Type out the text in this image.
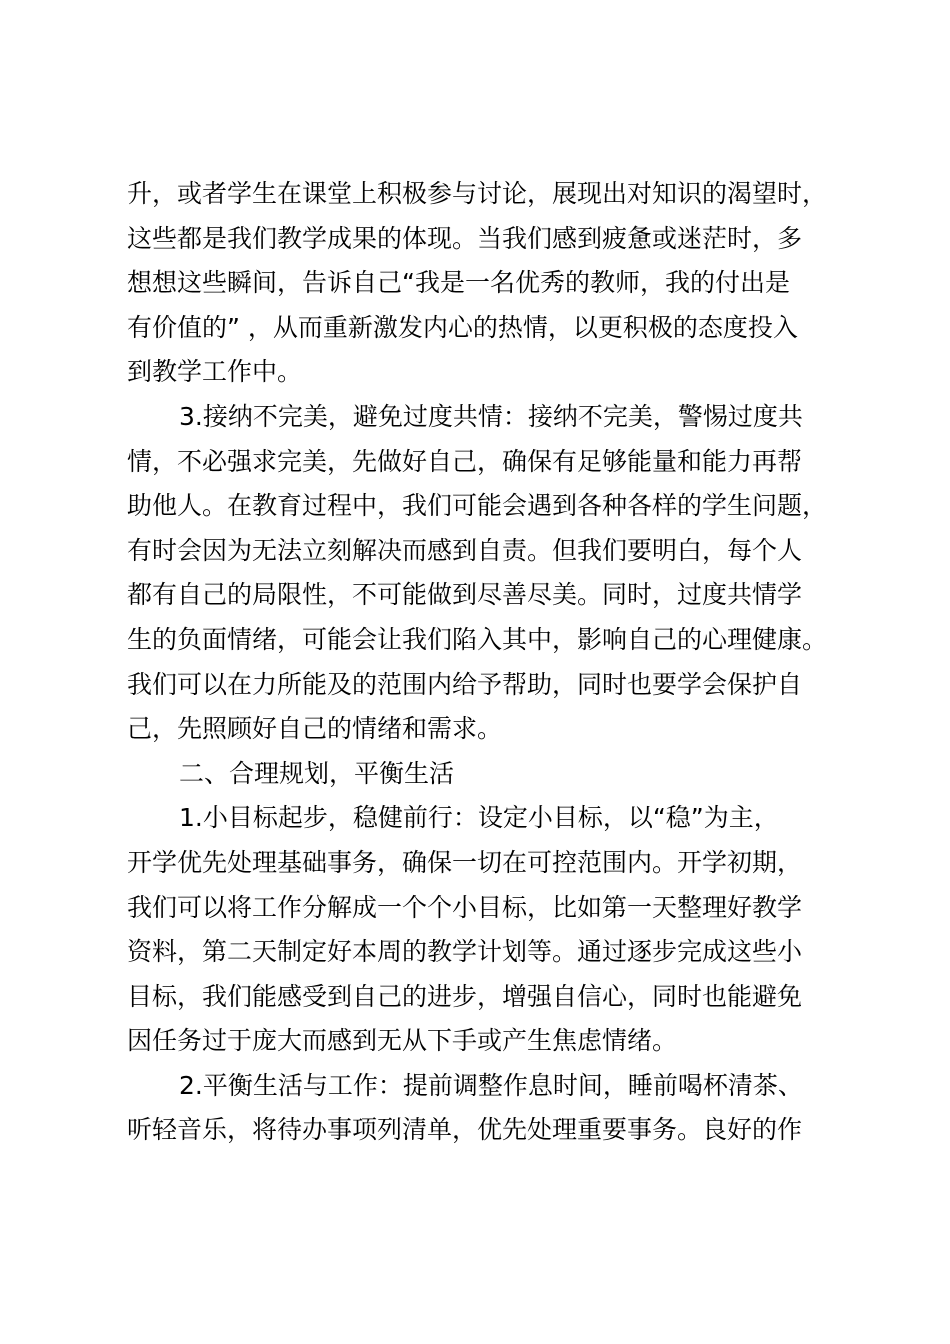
升，或者学生在课堂上积极参与讨论，展现出对知识的渴望时，
这些都是我们教学成果的体现。当我们感到疲惫或迷茫时，多
想想这些瞬间，告诉自己“我是一名优秀的教师，我的付出是
有价值的” ，从而重新激发内心的热情，以更积极的态度投入
到教学工作中。
3.接纳不完美，避免过度共情：接纳不完美，警惕过度共
情，不必强求完美，先做好自己，确保有足够能量和能力再帮
助他人。在教育过程中，我们可能会遇到各种各样的学生问题，
有时会因为无法立刻解决而感到自责。但我们要明白，每个人
都有自己的局限性，不可能做到尽善尽美。同时，过度共情学
生的负面情绪，可能会让我们陷入其中，影响自己的心理健康。
我们可以在力所能及的范围内给予帮助，同时也要学会保护自
己，先照顾好自己的情绪和需求。
二、合理规划，平衡生活
1.小目标起步，稳健前行：设定小目标，以“稳”为主，
开学优先处理基础事务，确保一切在可控范围内。开学初期，
我们可以将工作分解成一个个小目标，比如第一天整理好教学
资料，第二天制定好本周的教学计划等。通过逐步完成这些小
目标，我们能感受到自己的进步，增强自信心，同时也能避免
因任务过于庞大而感到无从下手或产生焦虑情绪。
2.平衡生活与工作：提前调整作息时间，睡前喝杯清茶、
听轻音乐，将待办事项列清单，优先处理重要事务。良好的作
